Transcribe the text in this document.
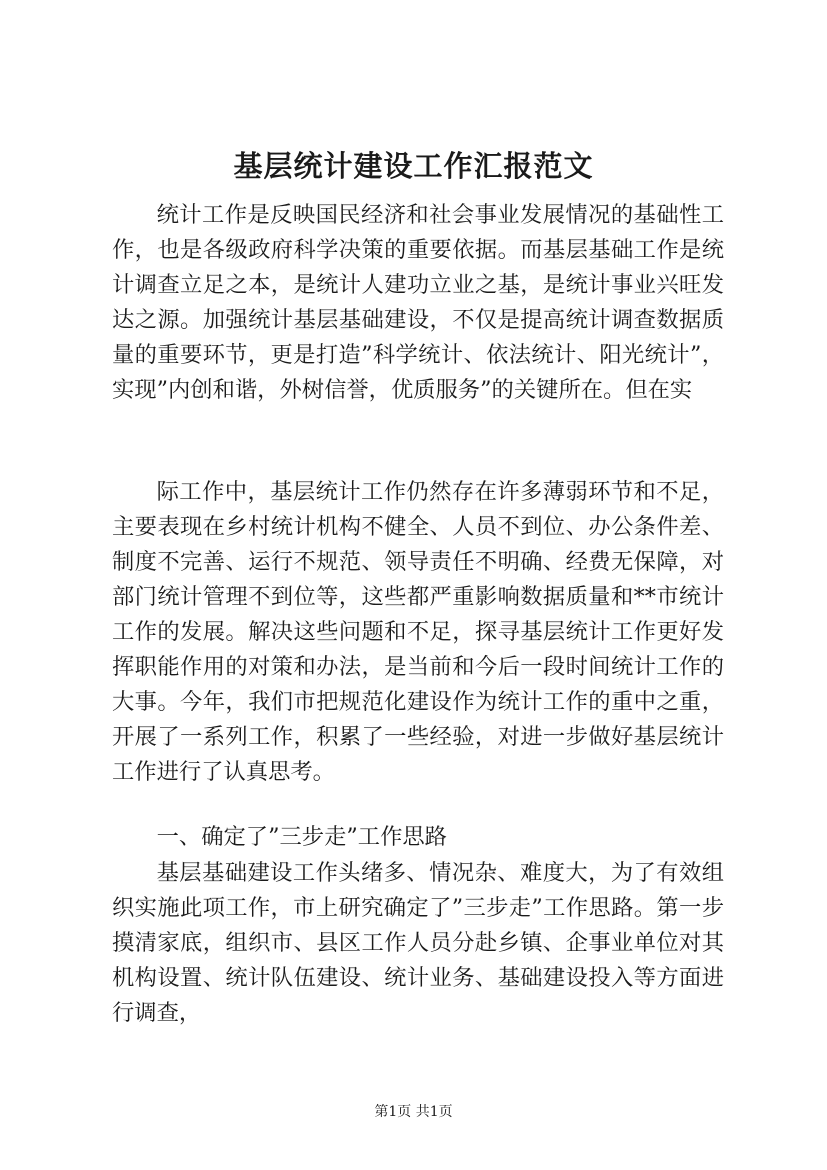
基层统计建设工作汇报范文

统计工作是反映国民经济和社会事业发展情况的基础性工作，也是各级政府科学决策的重要依据。而基层基础工作是统计调查立足之本，是统计人建功立业之基，是统计事业兴旺发达之源。加强统计基层基础建设，不仅是提高统计调查数据质量的重要环节，更是打造”科学统计、依法统计、阳光统计”，实现”内创和谐，外树信誉，优质服务”的关键所在。但在实

际工作中，基层统计工作仍然存在许多薄弱环节和不足，主要表现在乡村统计机构不健全、人员不到位、办公条件差、制度不完善、运行不规范、领导责任不明确、经费无保障，对部门统计管理不到位等，这些都严重影响数据质量和**市统计工作的发展。解决这些问题和不足，探寻基层统计工作更好发挥职能作用的对策和办法，是当前和今后一段时间统计工作的大事。今年，我们市把规范化建设作为统计工作的重中之重，开展了一系列工作，积累了一些经验，对进一步做好基层统计工作进行了认真思考。

一、确定了”三步走”工作思路

基层基础建设工作头绪多、情况杂、难度大，为了有效组织实施此项工作，市上研究确定了”三步走”工作思路。第一步摸清家底，组织市、县区工作人员分赴乡镇、企事业单位对其机构设置、统计队伍建设、统计业务、基础建设投入等方面进行调查，

第1页 共1页
